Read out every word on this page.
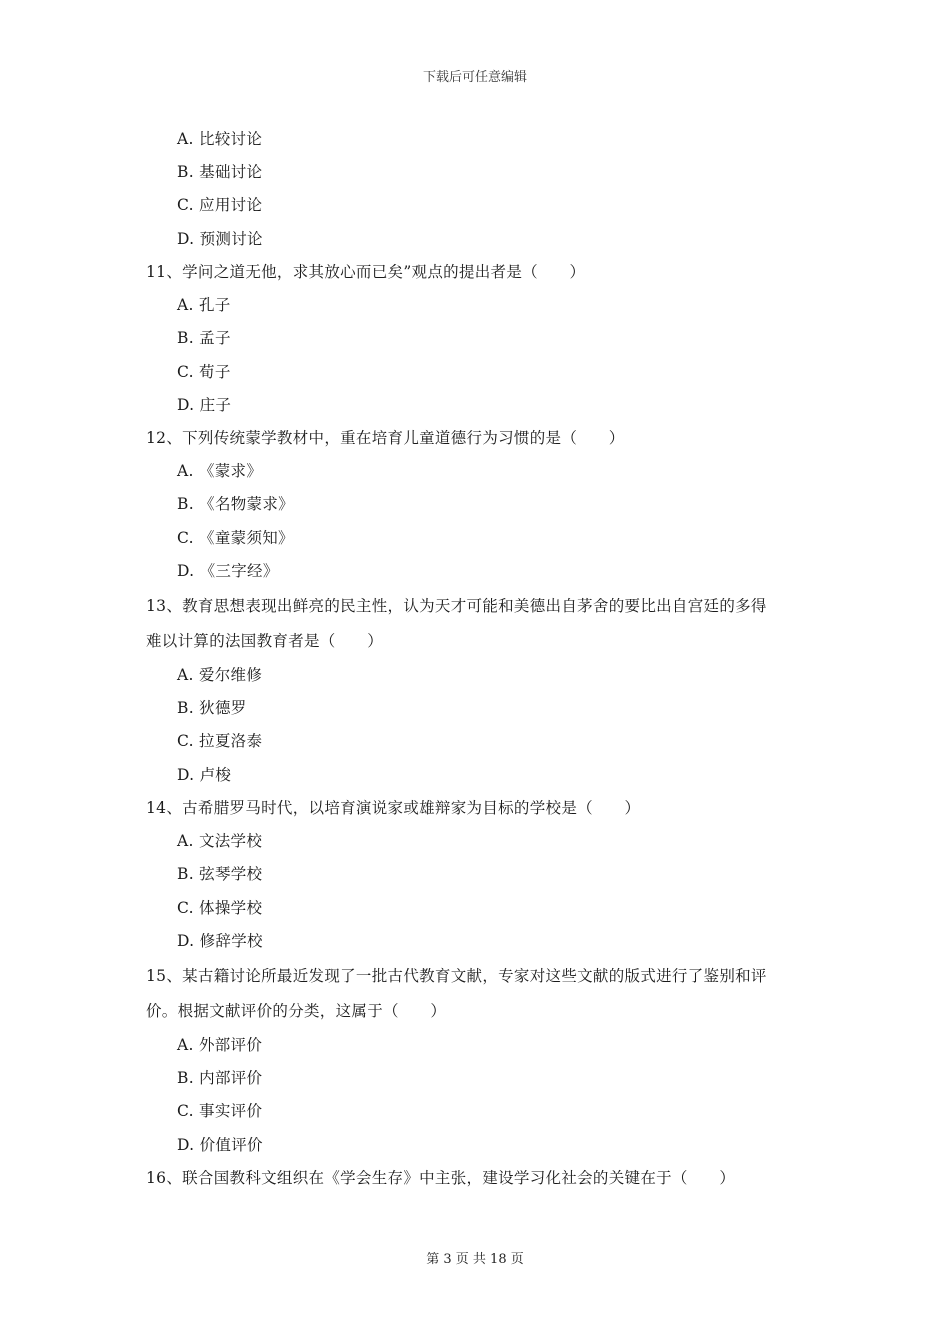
下载后可任意编辑
A. 比较讨论
B. 基础讨论
C. 应用讨论
D. 预测讨论
11、学问之道无他，求其放心而已矣”观点的提出者是（　　）
A. 孔子
B. 孟子
C. 荀子
D. 庄子
12、下列传统蒙学教材中，重在培育儿童道德行为习惯的是（　　）
A. 《蒙求》
B. 《名物蒙求》
C. 《童蒙须知》
D. 《三字经》
13、教育思想表现出鲜亮的民主性，认为天才可能和美德出自茅舍的要比出自宫廷的多得
难以计算的法国教育者是（　　）
A. 爱尔维修
B. 狄德罗
C. 拉夏洛泰
D. 卢梭
14、古希腊罗马时代，以培育演说家或雄辩家为目标的学校是（　　）
A. 文法学校
B. 弦琴学校
C. 体操学校
D. 修辞学校
15、某古籍讨论所最近发现了一批古代教育文献，专家对这些文献的版式进行了鉴别和评
价。根据文献评价的分类，这属于（　　）
A. 外部评价
B. 内部评价
C. 事实评价
D. 价值评价
16、联合国教科文组织在《学会生存》中主张，建设学习化社会的关键在于（　　）
第 3 页 共 18 页
